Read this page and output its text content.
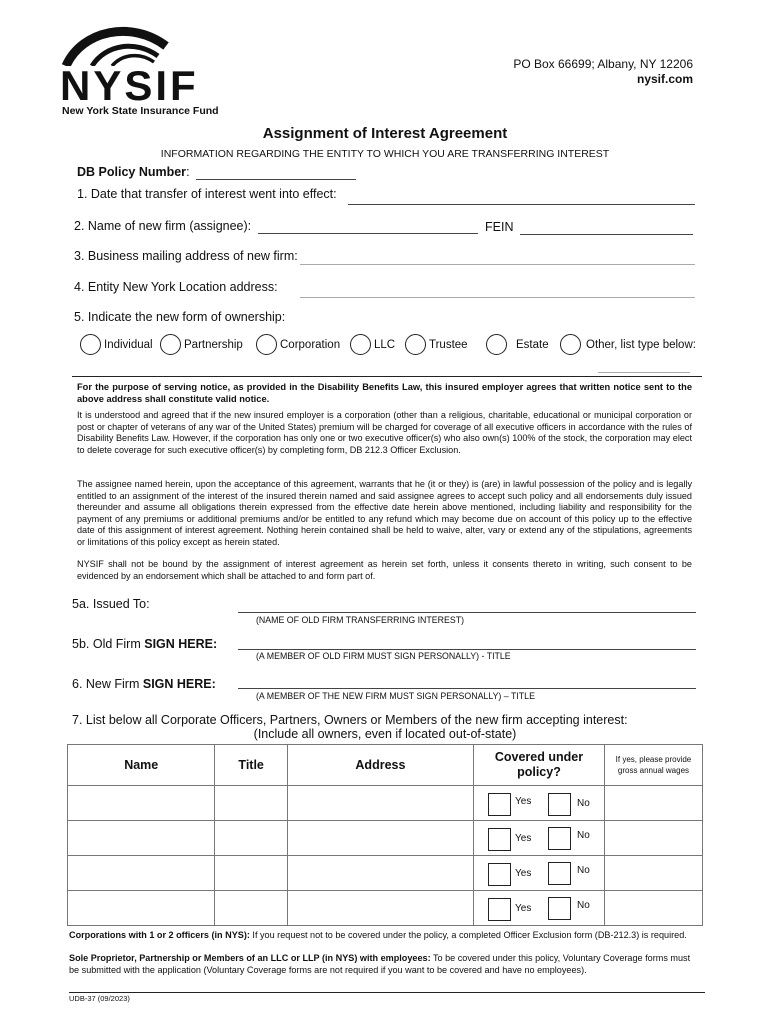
NYSIF
New York State Insurance Fund
PO Box 66699; Albany, NY 12206
nysif.com
Assignment of Interest Agreement
INFORMATION REGARDING THE ENTITY TO WHICH YOU ARE TRANSFERRING INTEREST
DB Policy Number:
1. Date that transfer of interest went into effect:
2. Name of new firm (assignee):	FEIN
3. Business mailing address of new firm:
4. Entity New York Location address:
5. Indicate the new form of ownership:
Individual	Partnership	Corporation	LLC	Trustee	Estate	Other, list type below:
For the purpose of serving notice, as provided in the Disability Benefits Law, this insured employer agrees that written notice sent to the above address shall constitute valid notice.
It is understood and agreed that if the new insured employer is a corporation (other than a religious, charitable, educational or municipal corporation or post or chapter of veterans of any war of the United States) premium will be charged for coverage of all executive officers in accordance with the rules of Disability Benefits Law. However, if the corporation has only one or two executive officer(s) who also own(s) 100% of the stock, the corporation may elect to delete coverage for such executive officer(s) by completing form, DB 212.3 Officer Exclusion.
The assignee named herein, upon the acceptance of this agreement, warrants that he (it or they) is (are) in lawful possession of the policy and is legally entitled to an assignment of the interest of the insured therein named and said assignee agrees to accept such policy and all endorsements duly issued thereunder and assume all obligations therein expressed from the effective date herein above mentioned, including liability and responsibility for the payment of any premiums or additional premiums and/or be entitled to any refund which may become due on account of this policy up to the effective date of this assignment of interest agreement. Nothing herein contained shall be held to waive, alter, vary or extend any of the stipulations, agreements or limitations of this policy except as herein stated.
NYSIF shall not be bound by the assignment of interest agreement as herein set forth, unless it consents thereto in writing, such consent to be evidenced by an endorsement which shall be attached to and form part of.
5a. Issued To:
(NAME OF OLD FIRM TRANSFERRING INTEREST)
5b. Old Firm SIGN HERE:
(A MEMBER OF OLD FIRM MUST SIGN PERSONALLY) - TITLE
6. New Firm SIGN HERE:
(A MEMBER OF THE NEW FIRM MUST SIGN PERSONALLY) – TITLE
7. List below all Corporate Officers, Partners, Owners or Members of the new firm accepting interest:
(Include all owners, even if located out-of-state)
Name	Title	Address	Covered under policy?	If yes, please provide gross annual wages

			Yes No	

			Yes No	

			Yes No	

			Yes No	

Corporations with 1 or 2 officers (in NYS): If you request not to be covered under the policy, a completed Officer Exclusion form (DB-212.3) is required.
Sole Proprietor, Partnership or Members of an LLC or LLP (in NYS) with employees: To be covered under this policy, Voluntary Coverage forms must be submitted with the application (Voluntary Coverage forms are not required if you want to be covered and have no employees).
UDB-37 (09/2023)
